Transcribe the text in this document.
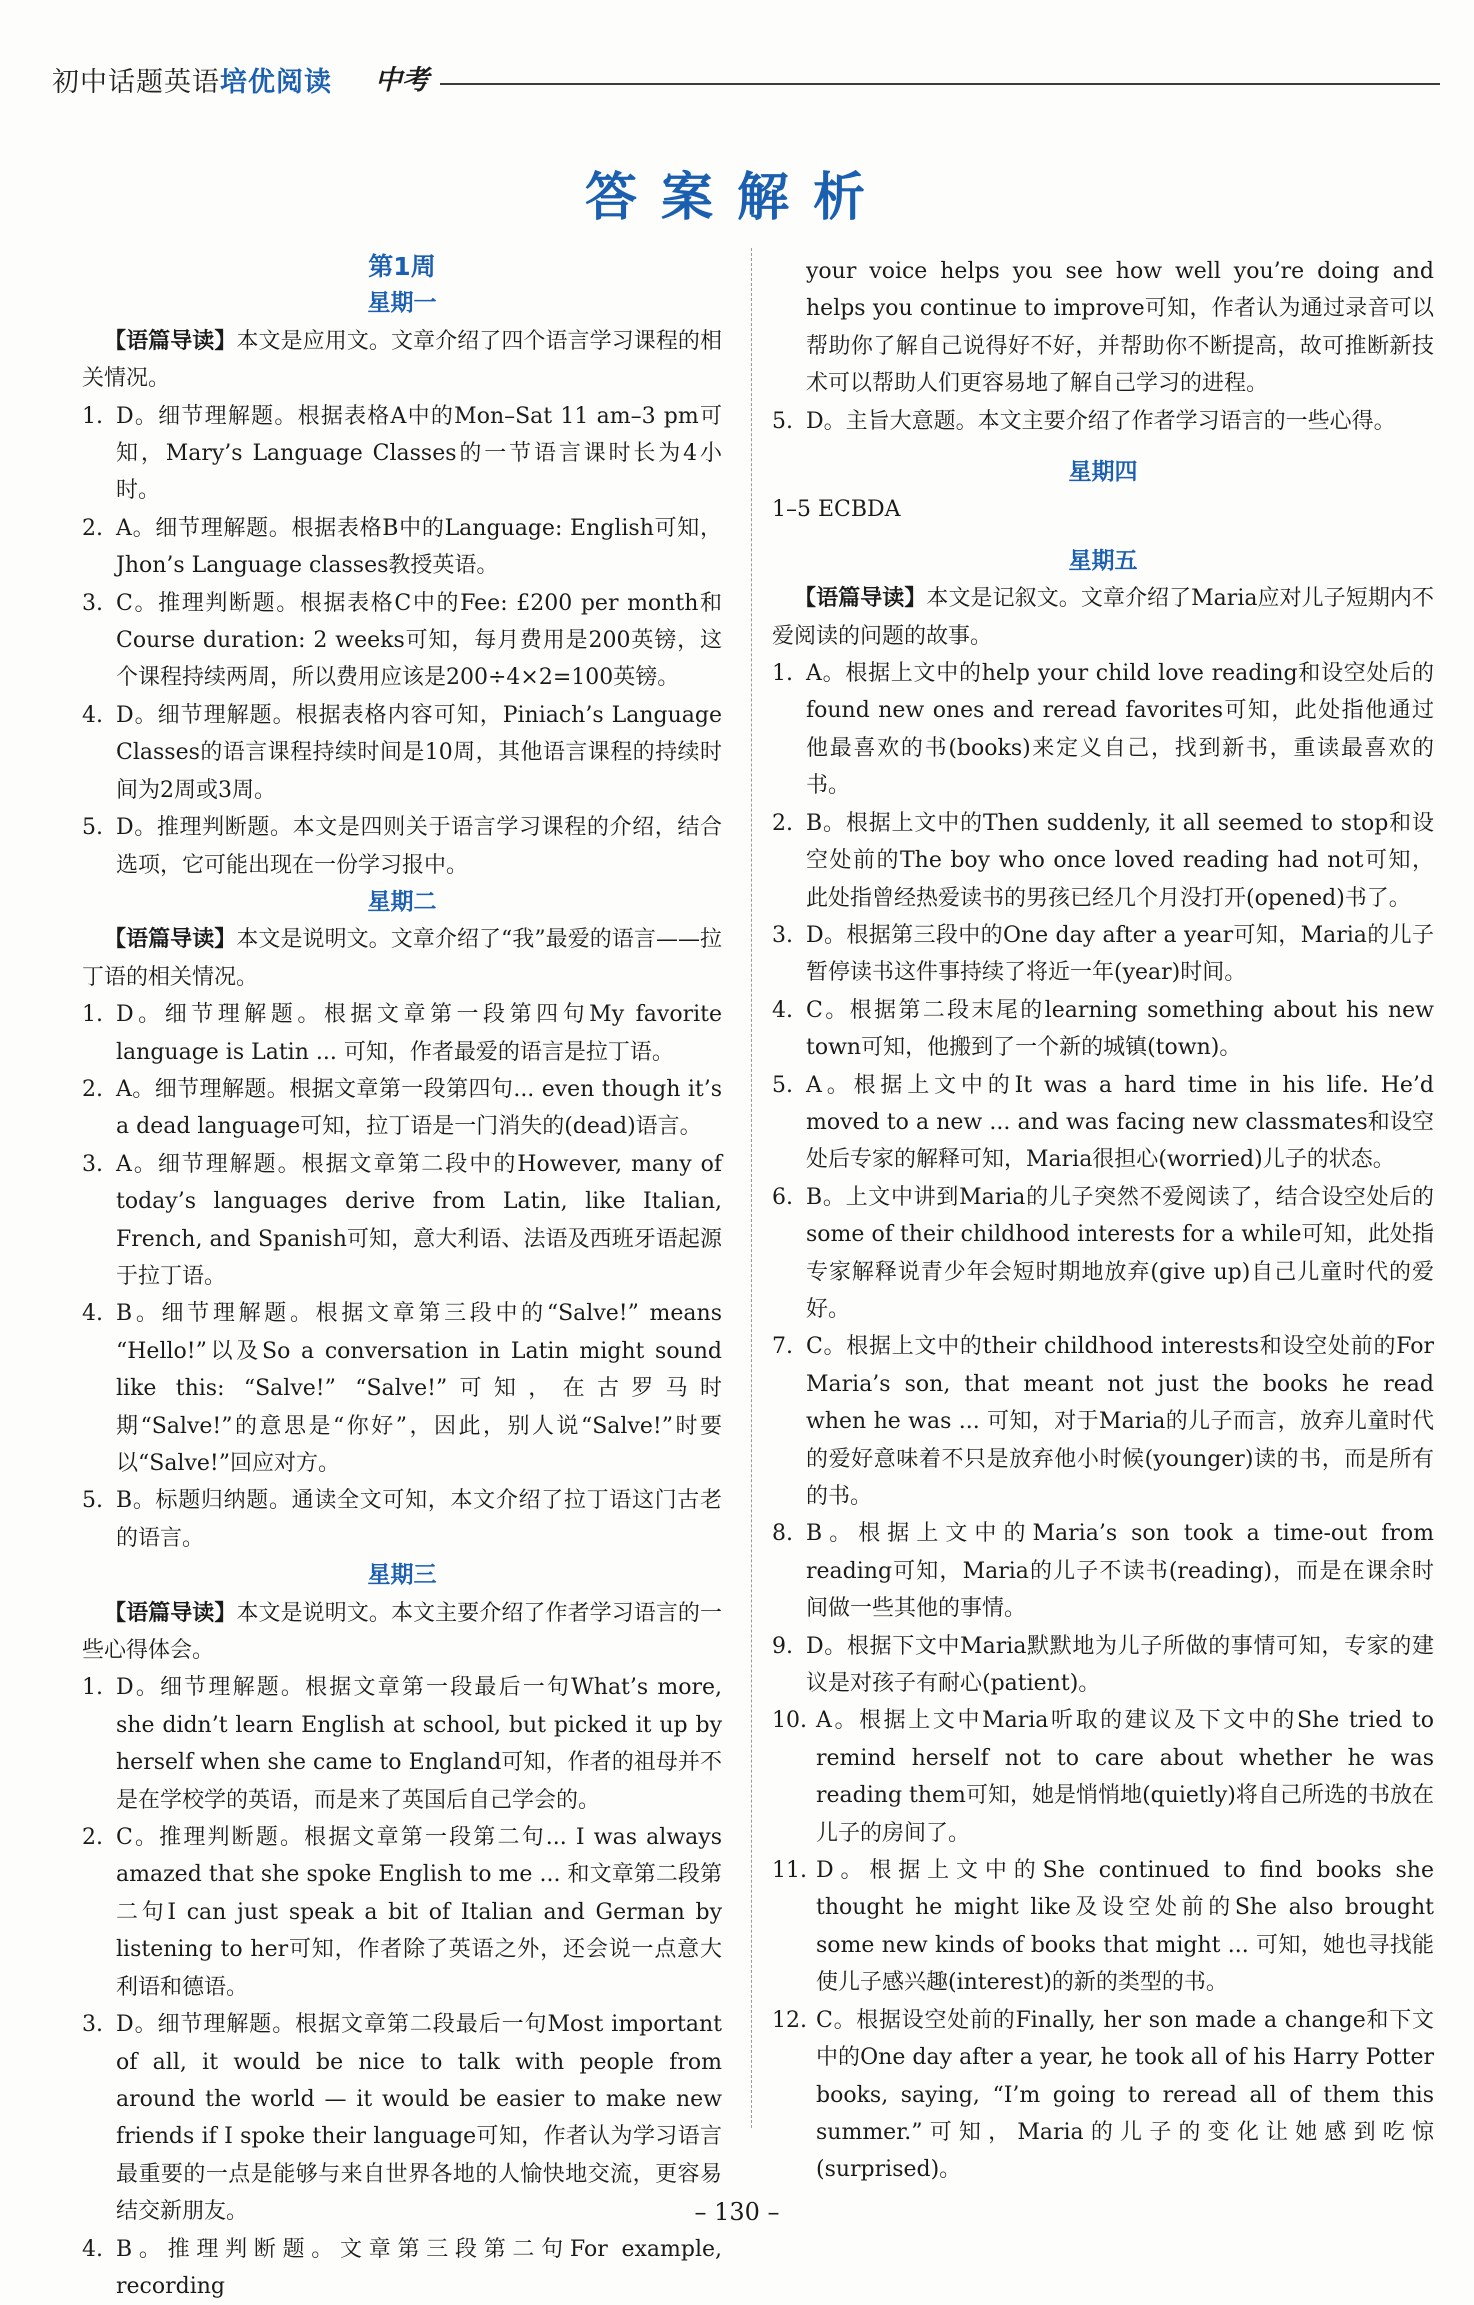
初中话题英语培优阅读 中考
答案解析
第1周
星期一
【语篇导读】本文是应用文。文章介绍了四个语言学习课程的相关情况。
1. D。细节理解题。根据表格A中的Mon–Sat 11 am–3 pm可知，Mary’s Language Classes的一节语言课时长为4小时。
2. A。细节理解题。根据表格B中的Language: English可知，Jhon’s Language classes教授英语。
3. C。推理判断题。根据表格C中的Fee: £200 per month和Course duration: 2 weeks可知，每月费用是200英镑，这个课程持续两周，所以费用应该是200÷4×2=100英镑。
4. D。细节理解题。根据表格内容可知，Piniach’s Language Classes的语言课程持续时间是10周，其他语言课程的持续时间为2周或3周。
5. D。推理判断题。本文是四则关于语言学习课程的介绍，结合选项，它可能出现在一份学习报中。
星期二
【语篇导读】本文是说明文。文章介绍了“我”最爱的语言——拉丁语的相关情况。
1. D。细节理解题。根据文章第一段第四句My favorite language is Latin ... 可知，作者最爱的语言是拉丁语。
2. A。细节理解题。根据文章第一段第四句... even though it’s a dead language可知，拉丁语是一门消失的(dead)语言。
3. A。细节理解题。根据文章第二段中的However, many of today’s languages derive from Latin, like Italian, French, and Spanish可知，意大利语、法语及西班牙语起源于拉丁语。
4. B。细节理解题。根据文章第三段中的“Salve!” means “Hello!”以及So a conversation in Latin might sound like this: “Salve!” “Salve!”可知，在古罗马时期“Salve!”的意思是“你好”，因此，别人说“Salve!”时要以“Salve!”回应对方。
5. B。标题归纳题。通读全文可知，本文介绍了拉丁语这门古老的语言。
星期三
【语篇导读】本文是说明文。本文主要介绍了作者学习语言的一些心得体会。
1. D。细节理解题。根据文章第一段最后一句What’s more, she didn’t learn English at school, but picked it up by herself when she came to England可知，作者的祖母并不是在学校学的英语，而是来了英国后自己学会的。
2. C。推理判断题。根据文章第一段第二句... I was always amazed that she spoke English to me ... 和文章第二段第二句I can just speak a bit of Italian and German by listening to her可知，作者除了英语之外，还会说一点意大利语和德语。
3. D。细节理解题。根据文章第二段最后一句Most important of all, it would be nice to talk with people from around the world — it would be easier to make new friends if I spoke their language可知，作者认为学习语言最重要的一点是能够与来自世界各地的人愉快地交流，更容易结交新朋友。
4. B。推理判断题。文章第三段第二句For example, recording
your voice helps you see how well you’re doing and helps you continue to improve可知，作者认为通过录音可以帮助你了解自己说得好不好，并帮助你不断提高，故可推断新技术可以帮助人们更容易地了解自己学习的进程。
5. D。主旨大意题。本文主要介绍了作者学习语言的一些心得。
星期四
1–5 ECBDA
星期五
【语篇导读】本文是记叙文。文章介绍了Maria应对儿子短期内不爱阅读的问题的故事。
1. A。根据上文中的help your child love reading和设空处后的found new ones and reread favorites可知，此处指他通过他最喜欢的书(books)来定义自己，找到新书，重读最喜欢的书。
2. B。根据上文中的Then suddenly, it all seemed to stop和设空处前的The boy who once loved reading had not可知，此处指曾经热爱读书的男孩已经几个月没打开(opened)书了。
3. D。根据第三段中的One day after a year可知，Maria的儿子暂停读书这件事持续了将近一年(year)时间。
4. C。根据第二段末尾的learning something about his new town可知，他搬到了一个新的城镇(town)。
5. A。根据上文中的It was a hard time in his life. He’d moved to a new ... and was facing new classmates和设空处后专家的解释可知，Maria很担心(worried)儿子的状态。
6. B。上文中讲到Maria的儿子突然不爱阅读了，结合设空处后的some of their childhood interests for a while可知，此处指专家解释说青少年会短时期地放弃(give up)自己儿童时代的爱好。
7. C。根据上文中的their childhood interests和设空处前的For Maria’s son, that meant not just the books he read when he was ... 可知，对于Maria的儿子而言，放弃儿童时代的爱好意味着不只是放弃他小时候(younger)读的书，而是所有的书。
8. B。根据上文中的Maria’s son took a time-out from reading可知，Maria的儿子不读书(reading)，而是在课余时间做一些其他的事情。
9. D。根据下文中Maria默默地为儿子所做的事情可知，专家的建议是对孩子有耐心(patient)。
10. A。根据上文中Maria听取的建议及下文中的She tried to remind herself not to care about whether he was reading them可知，她是悄悄地(quietly)将自己所选的书放在儿子的房间了。
11. D。根据上文中的She continued to find books she thought he might like及设空处前的She also brought some new kinds of books that might ... 可知，她也寻找能使儿子感兴趣(interest)的新的类型的书。
12. C。根据设空处前的Finally, her son made a change和下文中的One day after a year, he took all of his Harry Potter books, saying, “I’m going to reread all of them this summer.”可知，Maria的儿子的变化让她感到吃惊(surprised)。
– 130 –
